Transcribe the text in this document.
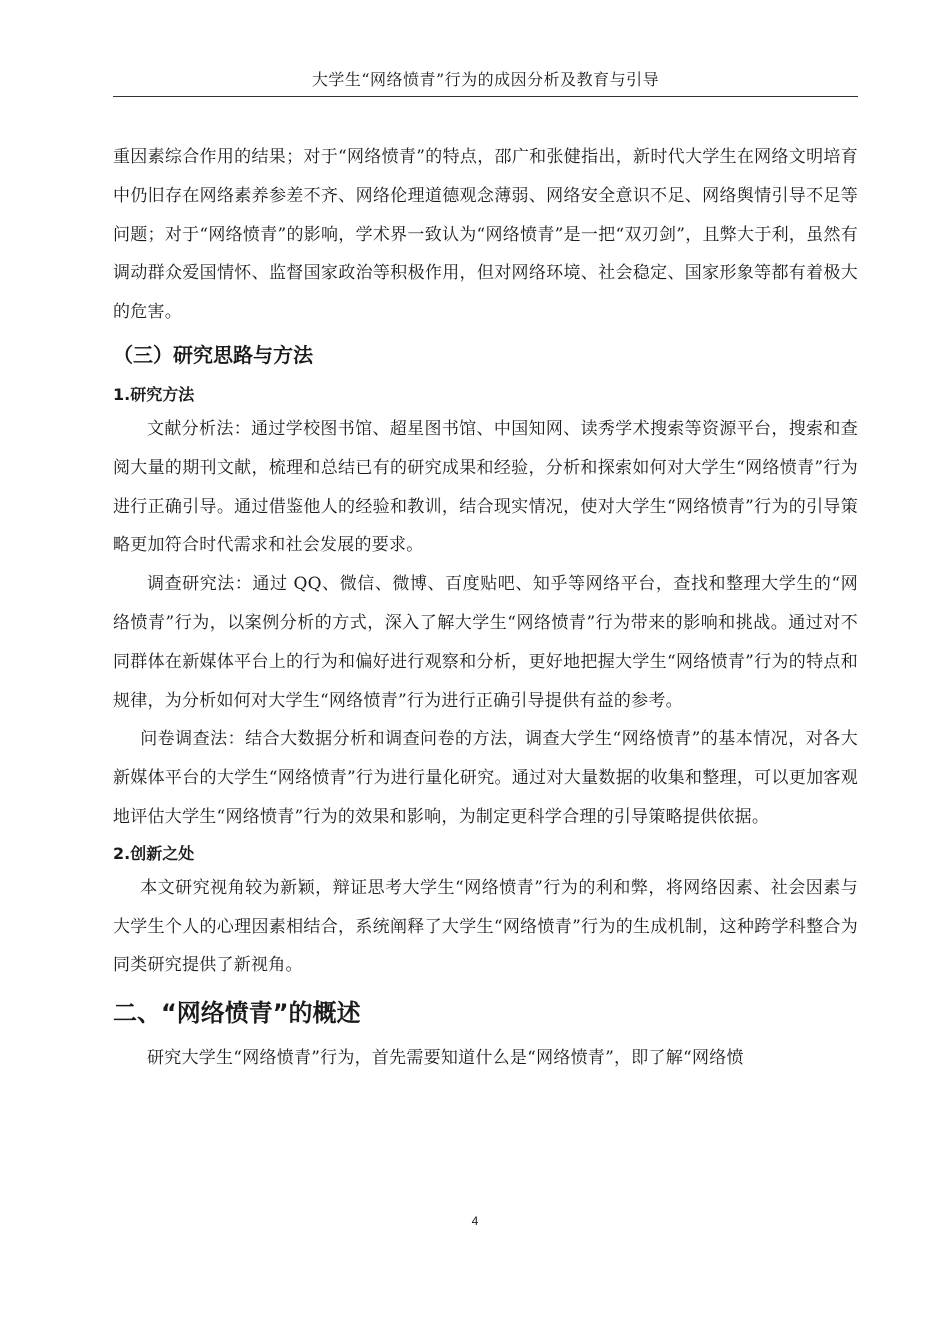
大学生“网络愤青”行为的成因分析及教育与引导

重因素综合作用的结果；对于“网络愤青”的特点，邵广和张健指出，新时代大学生在网络文明培育中仍旧存在网络素养参差不齐、网络伦理道德观念薄弱、网络安全意识不足、网络舆情引导不足等问题；对于“网络愤青”的影响，学术界一致认为“网络愤青”是一把“双刃剑”，且弊大于利，虽然有调动群众爱国情怀、监督国家政治等积极作用，但对网络环境、社会稳定、国家形象等都有着极大的危害。

（三）研究思路与方法
1.研究方法

文献分析法：通过学校图书馆、超星图书馆、中国知网、读秀学术搜索等资源平台，搜索和查阅大量的期刊文献，梳理和总结已有的研究成果和经验，分析和探索如何对大学生“网络愤青”行为进行正确引导。通过借鉴他人的经验和教训，结合现实情况，使对大学生“网络愤青”行为的引导策略更加符合时代需求和社会发展的要求。

调查研究法：通过 QQ、微信、微博、百度贴吧、知乎等网络平台，查找和整理大学生的“网络愤青”行为，以案例分析的方式，深入了解大学生“网络愤青”行为带来的影响和挑战。通过对不同群体在新媒体平台上的行为和偏好进行观察和分析，更好地把握大学生“网络愤青”行为的特点和规律，为分析如何对大学生“网络愤青”行为进行正确引导提供有益的参考。

问卷调查法：结合大数据分析和调查问卷的方法，调查大学生“网络愤青”的基本情况，对各大新媒体平台的大学生“网络愤青”行为进行量化研究。通过对大量数据的收集和整理，可以更加客观地评估大学生“网络愤青”行为的效果和影响，为制定更科学合理的引导策略提供依据。

2.创新之处

本文研究视角较为新颖，辩证思考大学生“网络愤青”行为的利和弊，将网络因素、社会因素与大学生个人的心理因素相结合，系统阐释了大学生“网络愤青”行为的生成机制，这种跨学科整合为同类研究提供了新视角。

二、“网络愤青”的概述

研究大学生“网络愤青”行为，首先需要知道什么是“网络愤青”，即了解“网络愤

4
